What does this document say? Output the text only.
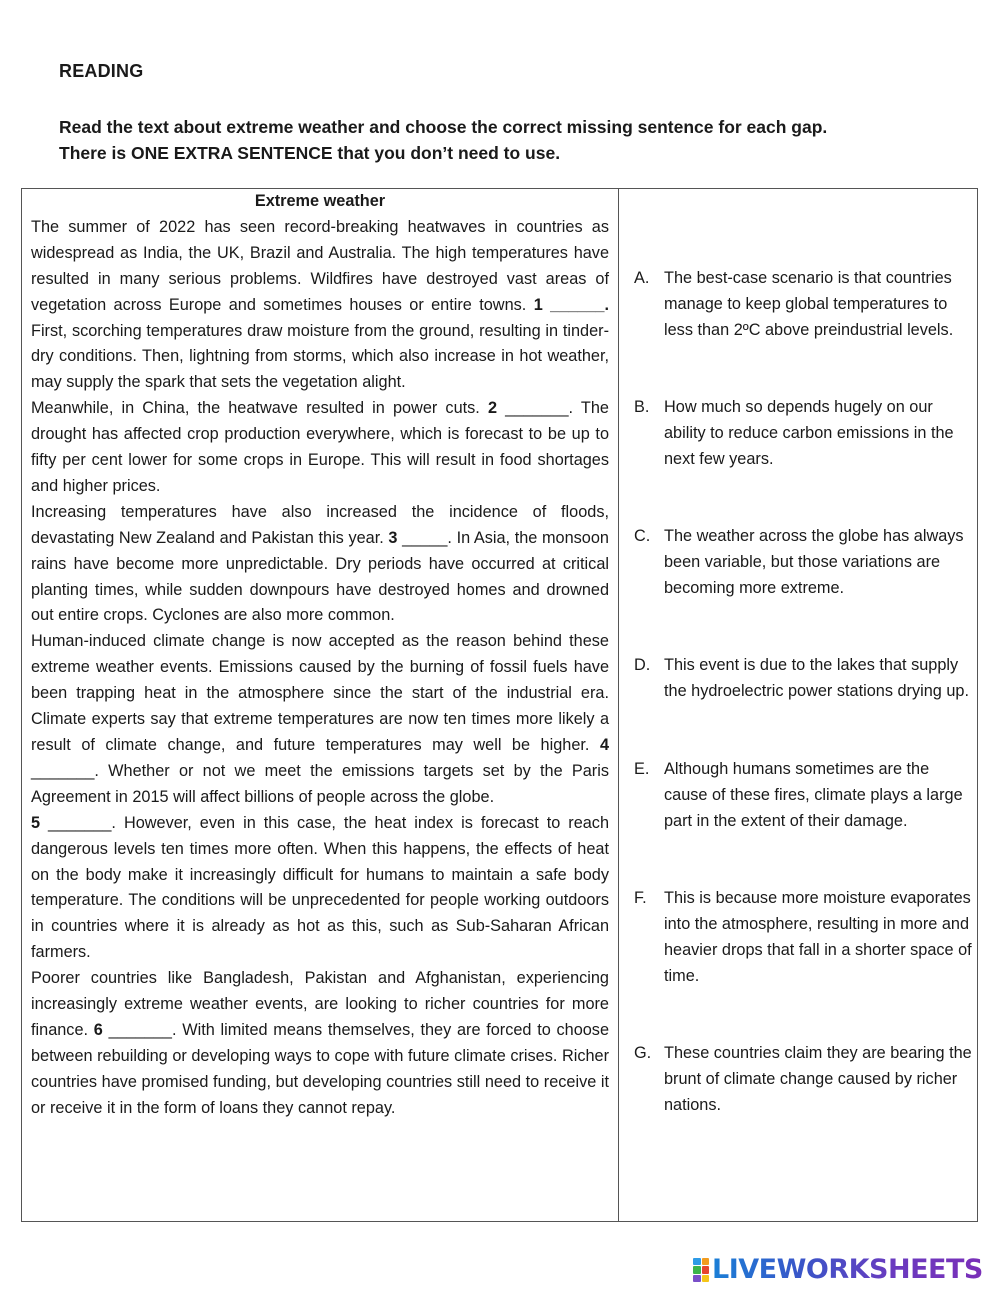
READING

Read the text about extreme weather and choose the correct missing sentence for each gap.

There is ONE EXTRA SENTENCE that you don’t need to use.

Extreme weather

The summer of 2022 has seen record-breaking heatwaves in countries as widespread as India, the UK, Brazil and Australia. The high temperatures have resulted in many serious problems. Wildfires have destroyed vast areas of vegetation across Europe and sometimes houses or entire towns. 1 ______. First, scorching temperatures draw moisture from the ground, resulting in tinder-dry conditions. Then, lightning from storms, which also increase in hot weather, may supply the spark that sets the vegetation alight.

Meanwhile, in China, the heatwave resulted in power cuts. 2 _______. The drought has affected crop production everywhere, which is forecast to be up to fifty per cent lower for some crops in Europe. This will result in food shortages and higher prices.

Increasing temperatures have also increased the incidence of floods, devastating New Zealand and Pakistan this year. 3 _____. In Asia, the monsoon rains have become more unpredictable. Dry periods have occurred at critical planting times, while sudden downpours have destroyed homes and drowned out entire crops. Cyclones are also more common.

Human-induced climate change is now accepted as the reason behind these extreme weather events. Emissions caused by the burning of fossil fuels have been trapping heat in the atmosphere since the start of the industrial era. Climate experts say that extreme temperatures are now ten times more likely a result of climate change, and future temperatures may well be higher. 4 _______. Whether or not we meet the emissions targets set by the Paris Agreement in 2015 will affect billions of people across the globe.

5 _______. However, even in this case, the heat index is forecast to reach dangerous levels ten times more often. When this happens, the effects of heat on the body make it increasingly difficult for humans to maintain a safe body temperature. The conditions will be unprecedented for people working outdoors in countries where it is already as hot as this, such as Sub-Saharan African farmers.

Poorer countries like Bangladesh, Pakistan and Afghanistan, experiencing increasingly extreme weather events, are looking to richer countries for more finance. 6 _______. With limited means themselves, they are forced to choose between rebuilding or developing ways to cope with future climate crises. Richer countries have promised funding, but developing countries still need to receive it or receive it in the form of loans they cannot repay.

A. The best-case scenario is that countries manage to keep global temperatures to less than 2ºC above preindustrial levels.
B. How much so depends hugely on our ability to reduce carbon emissions in the next few years.
C. The weather across the globe has always been variable, but those variations are becoming more extreme.
D. This event is due to the lakes that supply the hydroelectric power stations drying up.
E. Although humans sometimes are the cause of these fires, climate plays a large part in the extent of their damage.
F.	This is because more moisture evaporates into the atmosphere, resulting in more and heavier drops that fall in a shorter space of time.
G. These countries claim they are bearing the brunt of climate change caused by richer nations.
LIVEWORKSHEETS
